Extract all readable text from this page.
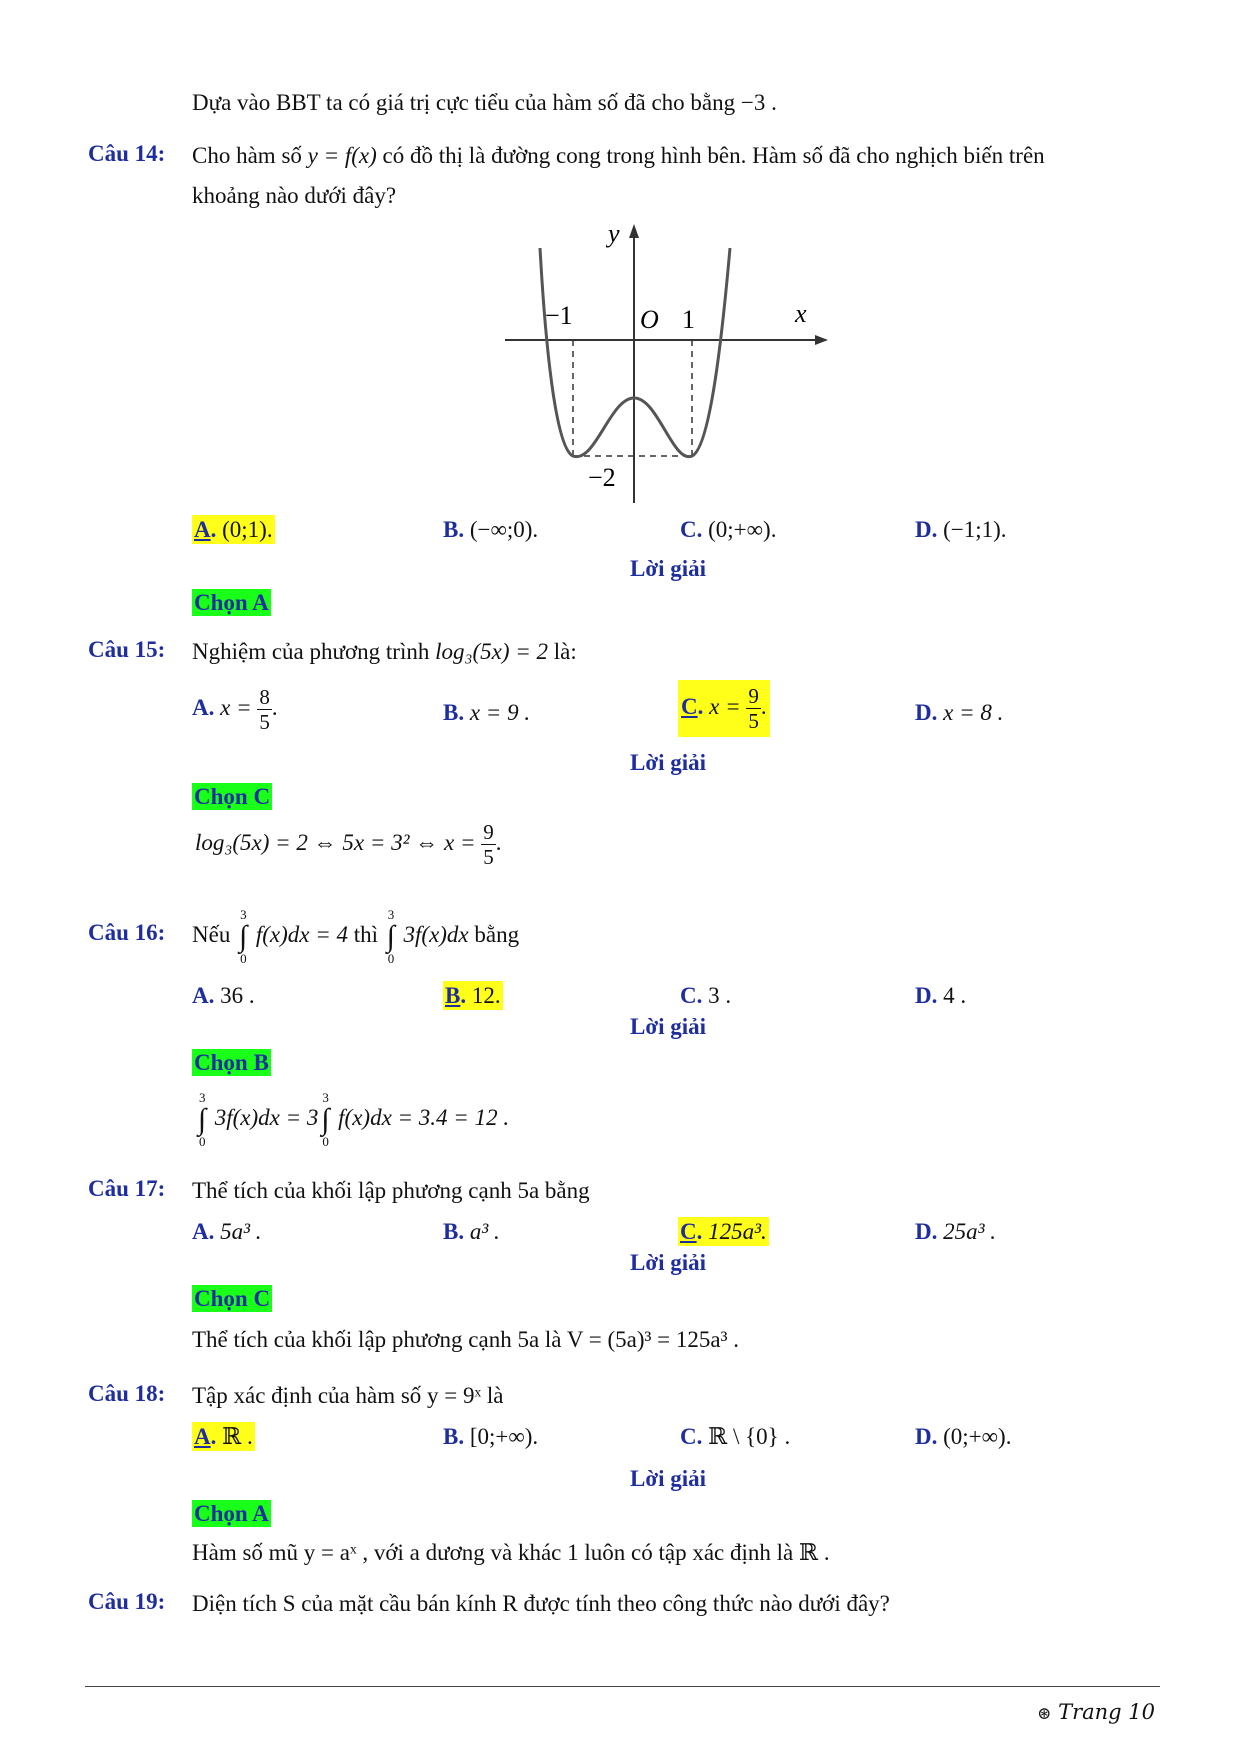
Dựa vào BBT ta có giá trị cực tiểu của hàm số đã cho bằng −3 .
Câu 14: Cho hàm số y = f(x) có đồ thị là đường cong trong hình bên. Hàm số đã cho nghịch biến trên
khoảng nào dưới đây?
y
x
O
−1	1
−2
A. (0;1).	B. (−∞;0).	C. (0;+∞).	D. (−1;1).
Lời giải
Chọn A
Câu 15: Nghiệm của phương trình log₃(5x) = 2 là:
A. $x = \frac{8}{5}$ .	B. x = 9 .	C. $x = \frac{9}{5}$ .	D. x = 8 .
Lời giải
Chọn C
log₃(5x) = 2 ⇔ 5x = 3² ⇔ $x = \frac{9}{5}$ .
Câu 16: Nếu ∫
3
0
f(x)dx = 4 thì ∫
3
0
3f(x)dx bằng
A. 36 .	B. 12.	C. 3 .	D. 4 .
Lời giải
Chọn B
∫
3
0
3f(x)dx = 3∫
3
0
f(x)dx = 3.4 = 12 .
Câu 17: Thể tích của khối lập phương cạnh 5a bằng
A. 5a³ .	B. a³ .	C. 125a³.	D. 25a³ .
Lời giải
Chọn C
Thể tích của khối lập phương cạnh 5a là V = (5a)³ = 125a³ .
Câu 18: Tập xác định của hàm số y = 9ˣ là
A. ℝ .	B. [0;+∞).	C. ℝ \ {0} .	D. (0;+∞).
Lời giải
Chọn A
Hàm số mũ y = aˣ , với a dương và khác 1 luôn có tập xác định là ℝ .
Câu 19: Diện tích S của mặt cầu bán kính R được tính theo công thức nào dưới đây?
⊛ Trang 10
